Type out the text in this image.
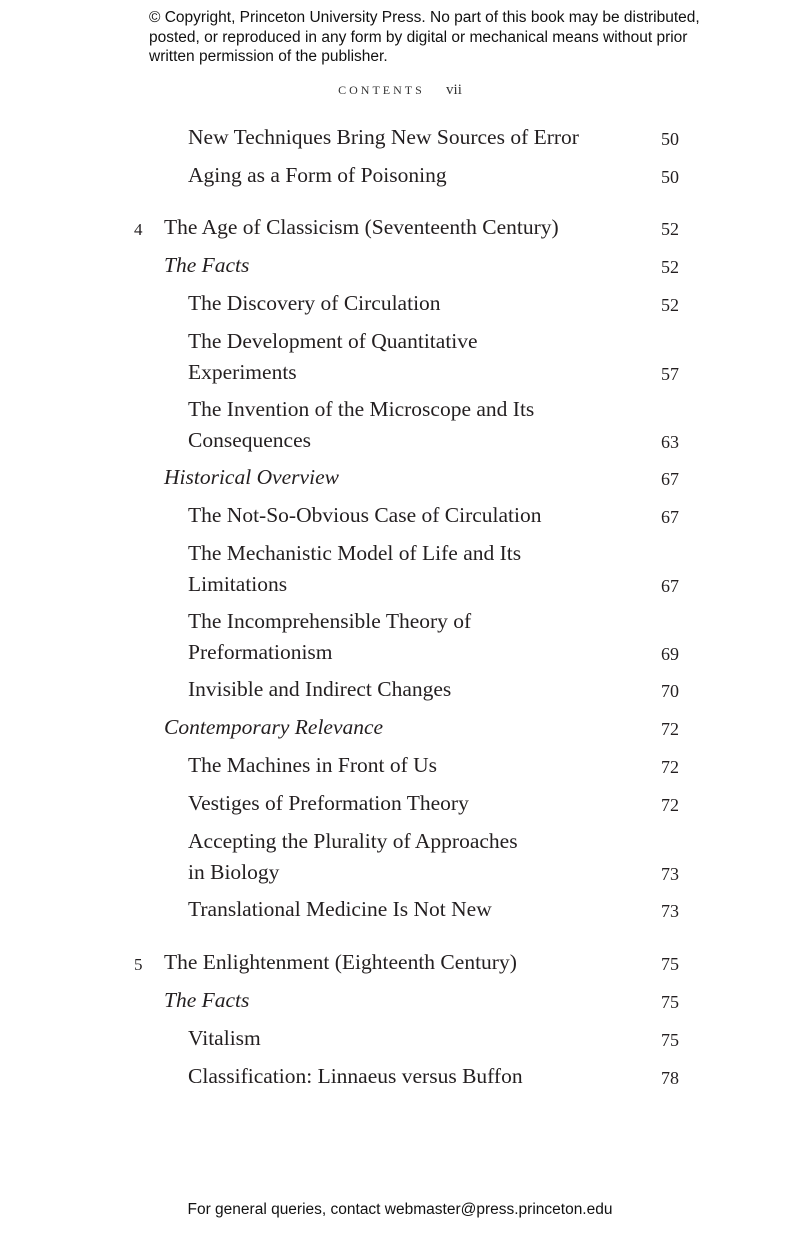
© Copyright, Princeton University Press. No part of this book may be distributed, posted, or reproduced in any form by digital or mechanical means without prior written permission of the publisher.
CONTENTS vii
New Techniques Bring New Sources of Error	50
Aging as a Form of Poisoning	50
4 The Age of Classicism (Seventeenth Century)	52
The Facts	52
The Discovery of Circulation	52
The Development of Quantitative
Experiments	57
The Invention of the Microscope and Its
Consequences	63
Historical Overview	67
The Not-So-Obvious Case of Circulation	67
The Mechanistic Model of Life and Its
Limitations	67
The Incomprehensible Theory of
Preformationism	69
Invisible and Indirect Changes	70
Contemporary Relevance	72
The Machines in Front of Us	72
Vestiges of Preformation Theory	72
Accepting the Plurality of Approaches
in Biology	73
Translational Medicine Is Not New	73
5 The Enlightenment (Eighteenth Century)	75
The Facts	75
Vitalism	75
Classification: Linnaeus versus Buffon	78
For general queries, contact webmaster@press.princeton.edu
